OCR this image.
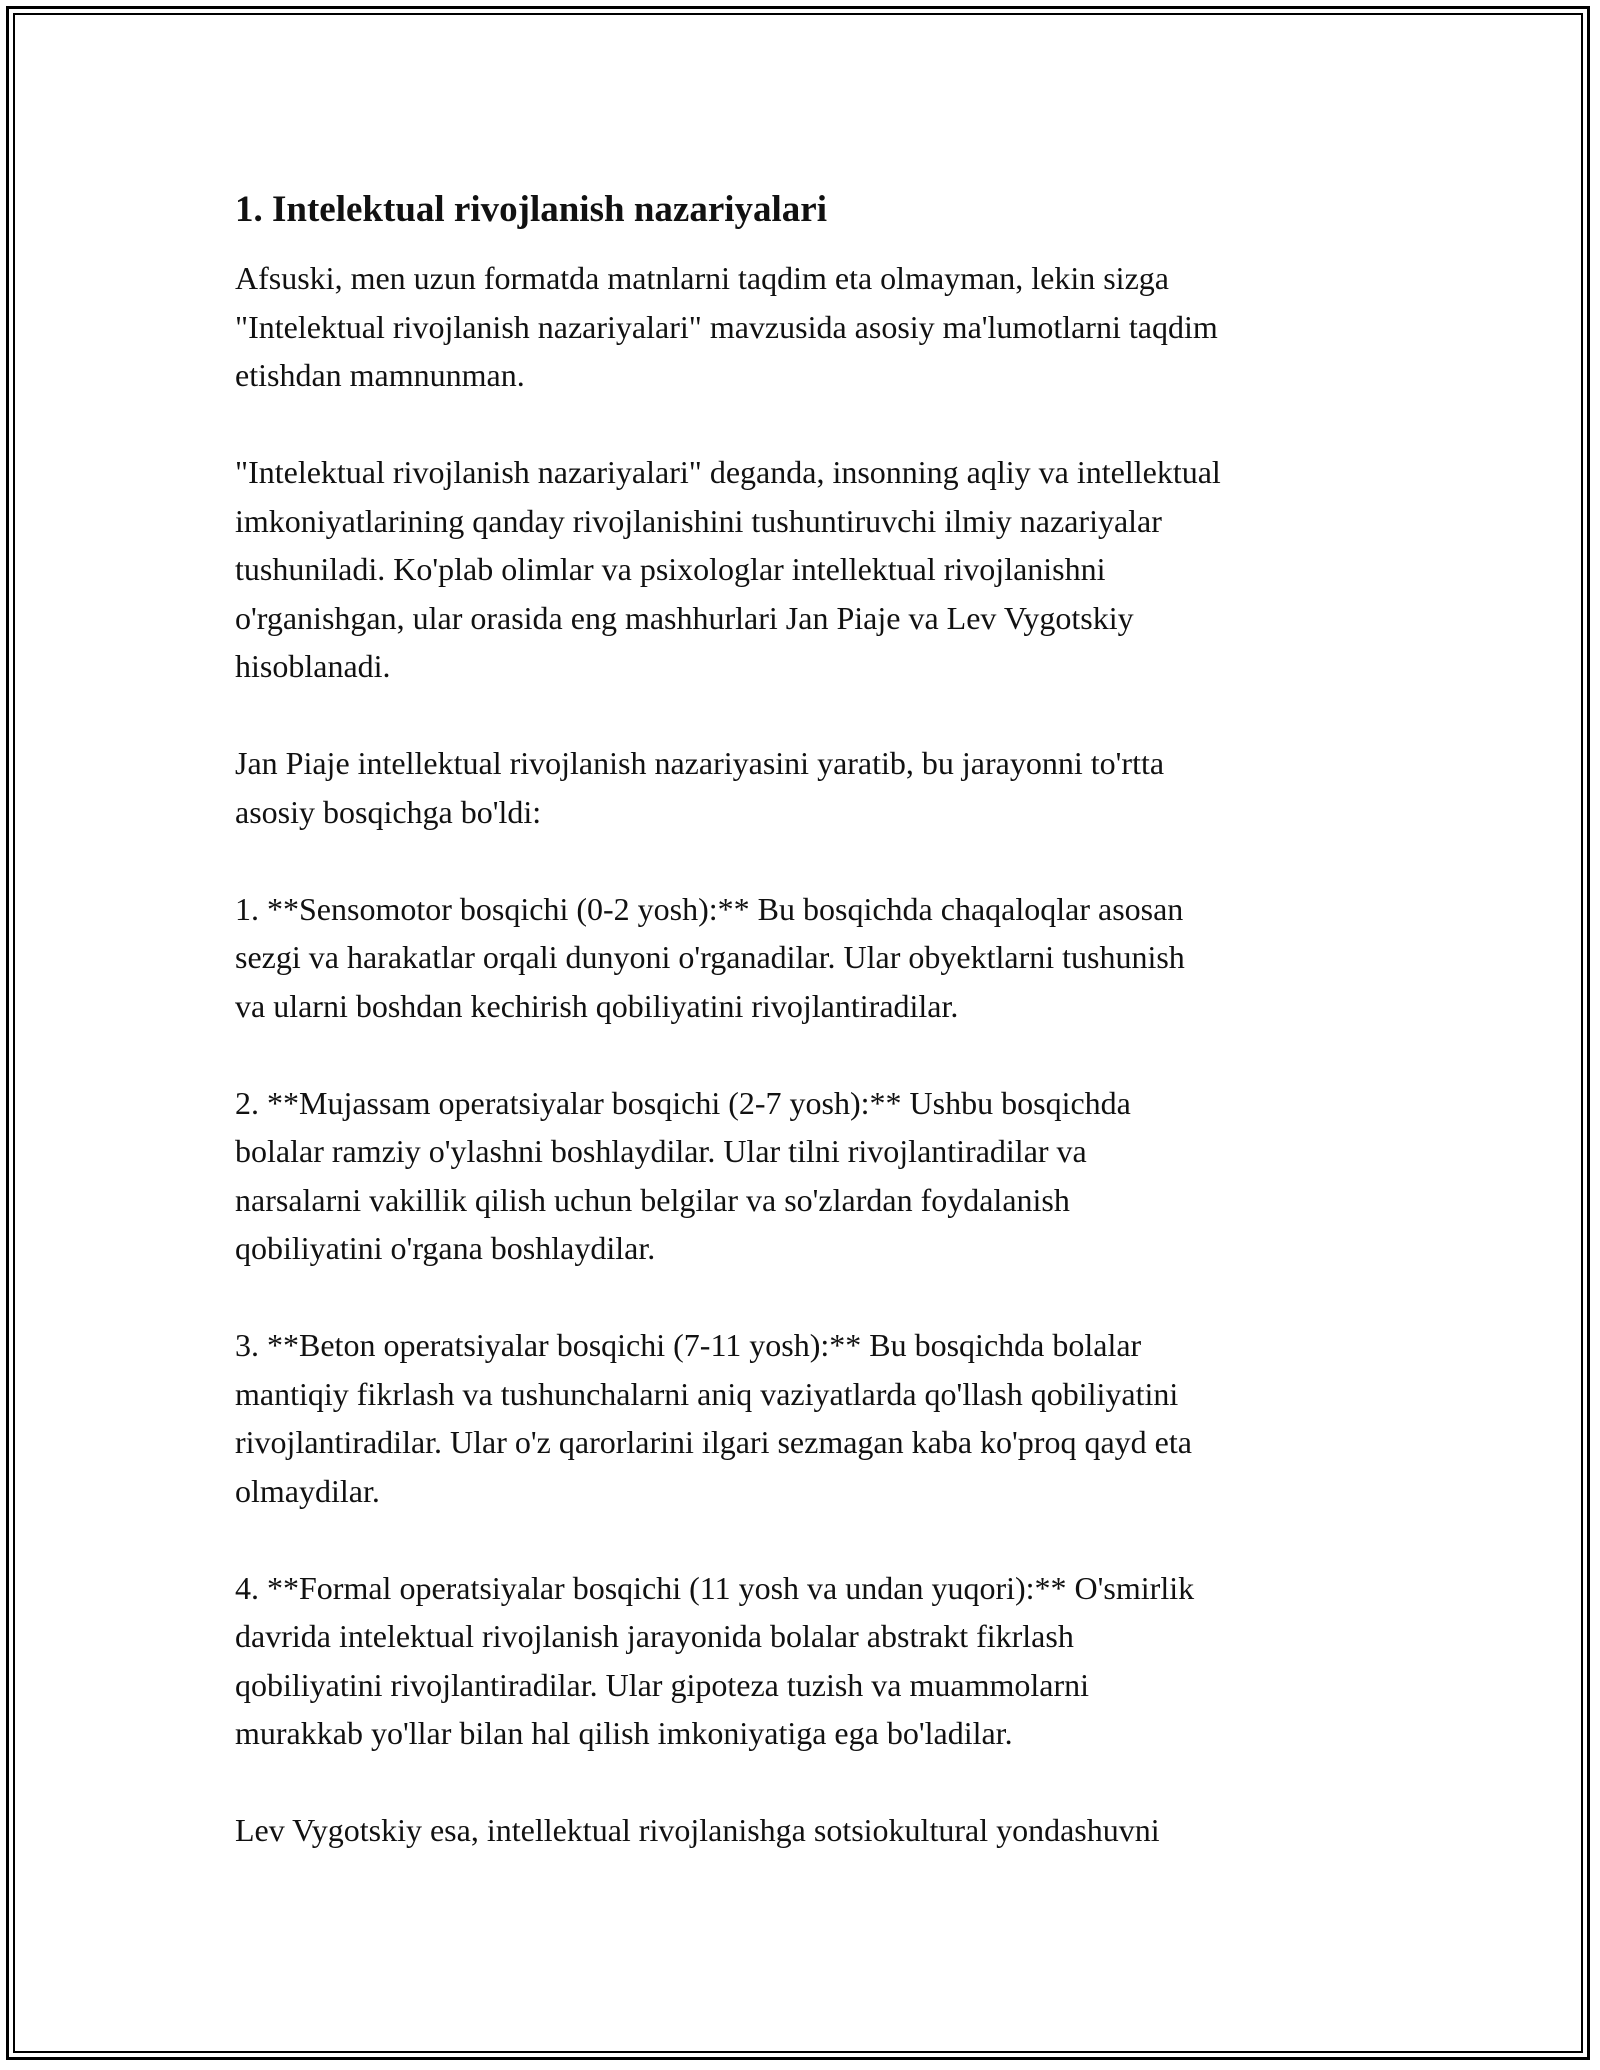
1. Intelektual rivojlanish nazariyalari
Afsuski, men uzun formatda matnlarni taqdim eta olmayman, lekin sizga
"Intelektual rivojlanish nazariyalari" mavzusida asosiy ma'lumotlarni taqdim
etishdan mamnunman.
"Intelektual rivojlanish nazariyalari" deganda, insonning aqliy va intellektual
imkoniyatlarining qanday rivojlanishini tushuntiruvchi ilmiy nazariyalar
tushuniladi. Ko'plab olimlar va psixologlar intellektual rivojlanishni
o'rganishgan, ular orasida eng mashhurlari Jan Piaje va Lev Vygotskiy
hisoblanadi.
Jan Piaje intellektual rivojlanish nazariyasini yaratib, bu jarayonni to'rtta
asosiy bosqichga bo'ldi:
1. **Sensomotor bosqichi (0-2 yosh):** Bu bosqichda chaqaloqlar asosan
sezgi va harakatlar orqali dunyoni o'rganadilar. Ular obyektlarni tushunish
va ularni boshdan kechirish qobiliyatini rivojlantiradilar.
2. **Mujassam operatsiyalar bosqichi (2-7 yosh):** Ushbu bosqichda
bolalar ramziy o'ylashni boshlaydilar. Ular tilni rivojlantiradilar va
narsalarni vakillik qilish uchun belgilar va so'zlardan foydalanish
qobiliyatini o'rgana boshlaydilar.
3. **Beton operatsiyalar bosqichi (7-11 yosh):** Bu bosqichda bolalar
mantiqiy fikrlash va tushunchalarni aniq vaziyatlarda qo'llash qobiliyatini
rivojlantiradilar. Ular o'z qarorlarini ilgari sezmagan kaba ko'proq qayd eta
olmaydilar.
4. **Formal operatsiyalar bosqichi (11 yosh va undan yuqori):** O'smirlik
davrida intelektual rivojlanish jarayonida bolalar abstrakt fikrlash
qobiliyatini rivojlantiradilar. Ular gipoteza tuzish va muammolarni
murakkab yo'llar bilan hal qilish imkoniyatiga ega bo'ladilar.
Lev Vygotskiy esa, intellektual rivojlanishga sotsiokultural yondashuvni
